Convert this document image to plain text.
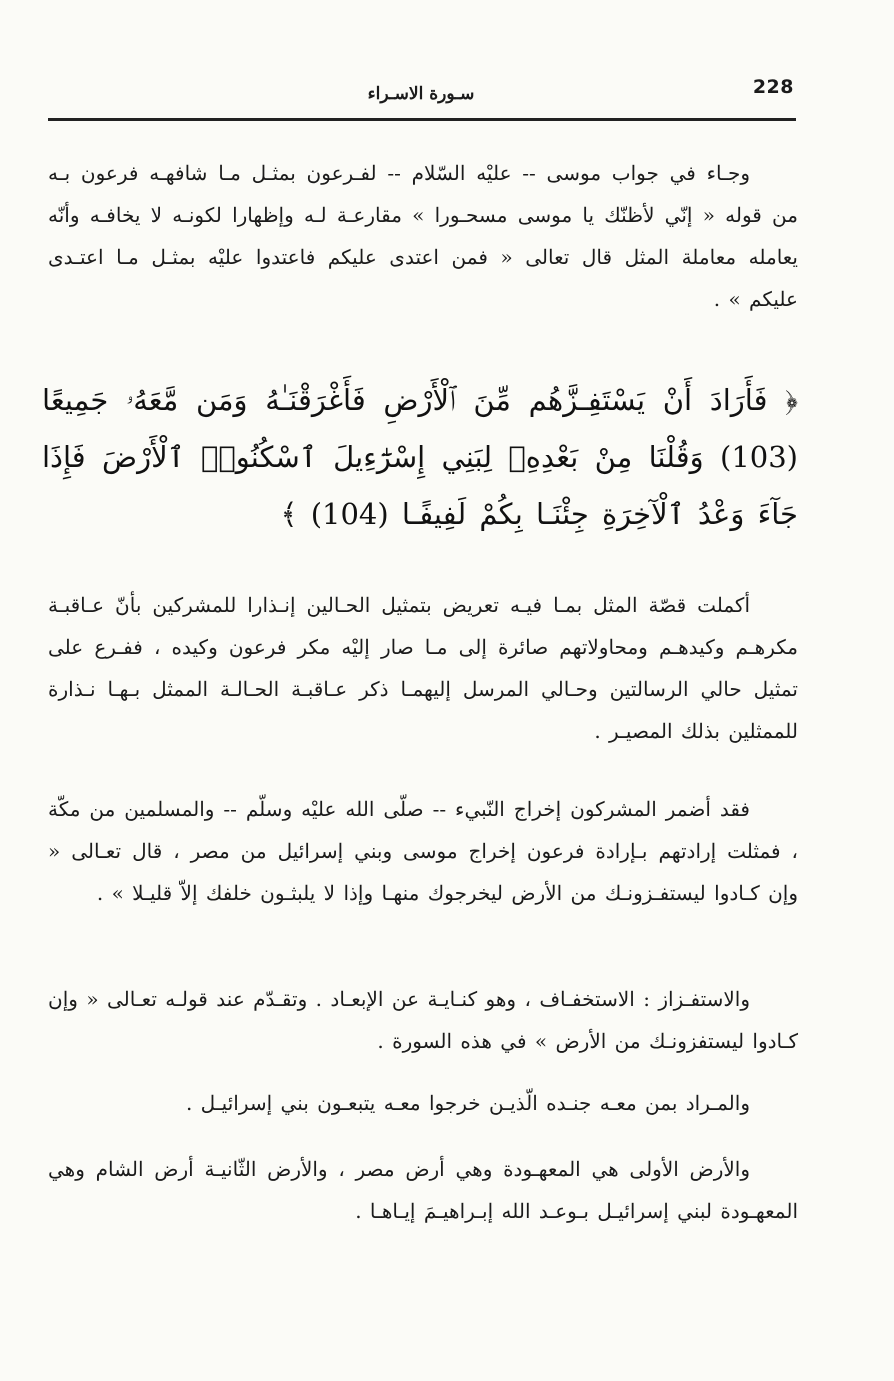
سـورة الاسـراء	228
وجـاء في جواب موسى -- عليْه السّلام -- لفـرعون بمثـل مـا شافهـه فرعون بـه من قوله « إنّي لأظنّك يا موسى مسحـورا » مقارعـة لـه وإظهارا لكونـه لا يخافـه وأنّه يعامله معاملة المثل قال تعالى « فمن اعتدى عليكم فاعتدوا عليْه بمثـل مـا اعتـدى عليكم » .
﴿ فَأَرَادَ أَنْ يَسْتَفِـزَّهُم مِّنَ ٱلْأَرْضِ فَأَغْرَقْنَـٰهُ وَمَن مَّعَهُۥ جَمِيعًا (103) وَقُلْنَا مِنْ بَعْدِهِۦ لِبَنِي إِسْرَٰٓءِيلَ ٱسْكُنُوا۟ ٱلْأَرْضَ فَإِذَا جَآءَ وَعْدُ ٱلْآخِرَةِ جِئْنَـا بِكُمْ لَفِيفًـا (104) ﴾
أكملت قصّة المثل بمـا فيـه تعريض بتمثيل الحـالين إنـذارا للمشركين بأنّ عـاقبـة مكرهـم وكيدهـم ومحاولاتهم صائرة إلى مـا صار إليْه مكر فرعون وكيده ، ففـرع على تمثيل حالي الرسالتين وحـالي المرسل إليهمـا ذكر عـاقبـة الحـالـة الممثل بـهـا نـذارة للممثلين بذلك المصيـر .
فقد أضمر المشركون إخراج النّبيء -- صلّى الله عليْه وسلّم -- والمسلمين من مكّة ، فمثلت إرادتهم بـإرادة فرعون إخراج موسى وبني إسرائيل من مصر ، قال تعـالى « وإن كـادوا ليستفـزونـك من الأرض ليخرجوك منهـا وإذا لا يلبثـون خلفك إلاّ قليـلا » .
والاستفـزاز : الاستخفـاف ، وهو كنـايـة عن الإبعـاد . وتقـدّم عند قولـه تعـالى « وإن كـادوا ليستفزونـك من الأرض » في هذه السورة .
والمـراد بمن معـه جنـده الّذيـن خرجوا معـه يتبعـون بني إسرائيـل .
والأرض الأولى هي المعهـودة وهي أرض مصر ، والأرض الثّانيـة أرض الشام وهي المعهـودة لبني إسرائيـل بـوعـد الله إبـراهيـمَ إيـاهـا .
